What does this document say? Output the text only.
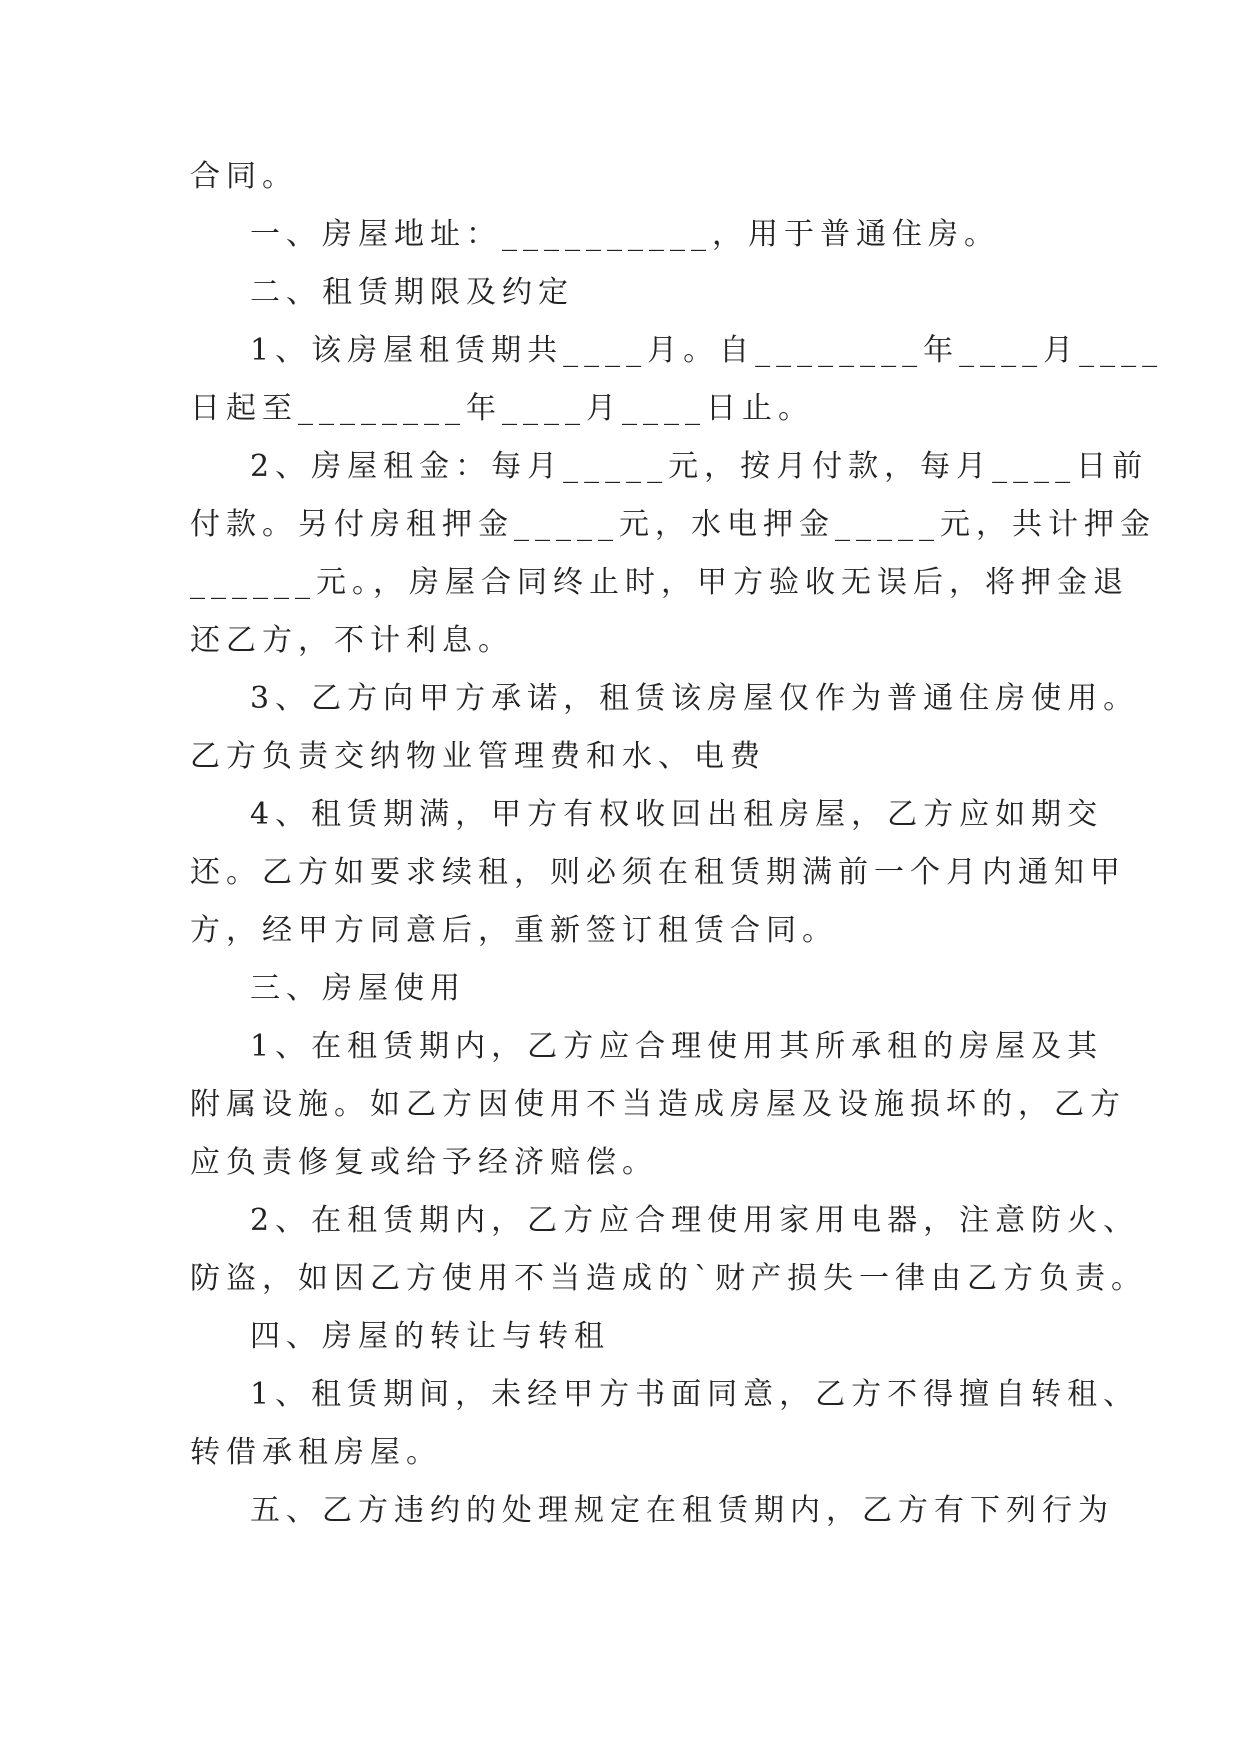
合同。
一、房屋地址：__________，用于普通住房。
二、租赁期限及约定
1、该房屋租赁期共____月。自________年____月____
日起至________年____月____日止。
2、房屋租金：每月_____元，按月付款，每月____日前
付款。另付房租押金_____元，水电押金_____元，共计押金
______元。，房屋合同终止时，甲方验收无误后，将押金退
还乙方，不计利息。
3、乙方向甲方承诺，租赁该房屋仅作为普通住房使用。
乙方负责交纳物业管理费和水、电费
4、租赁期满，甲方有权收回出租房屋，乙方应如期交
还。乙方如要求续租，则必须在租赁期满前一个月内通知甲
方，经甲方同意后，重新签订租赁合同。
三、房屋使用
1、在租赁期内，乙方应合理使用其所承租的房屋及其
附属设施。如乙方因使用不当造成房屋及设施损坏的，乙方
应负责修复或给予经济赔偿。
2、在租赁期内，乙方应合理使用家用电器，注意防火、
防盗，如因乙方使用不当造成的`财产损失一律由乙方负责。
四、房屋的转让与转租
1、租赁期间，未经甲方书面同意，乙方不得擅自转租、
转借承租房屋。
五、乙方违约的处理规定在租赁期内，乙方有下列行为
